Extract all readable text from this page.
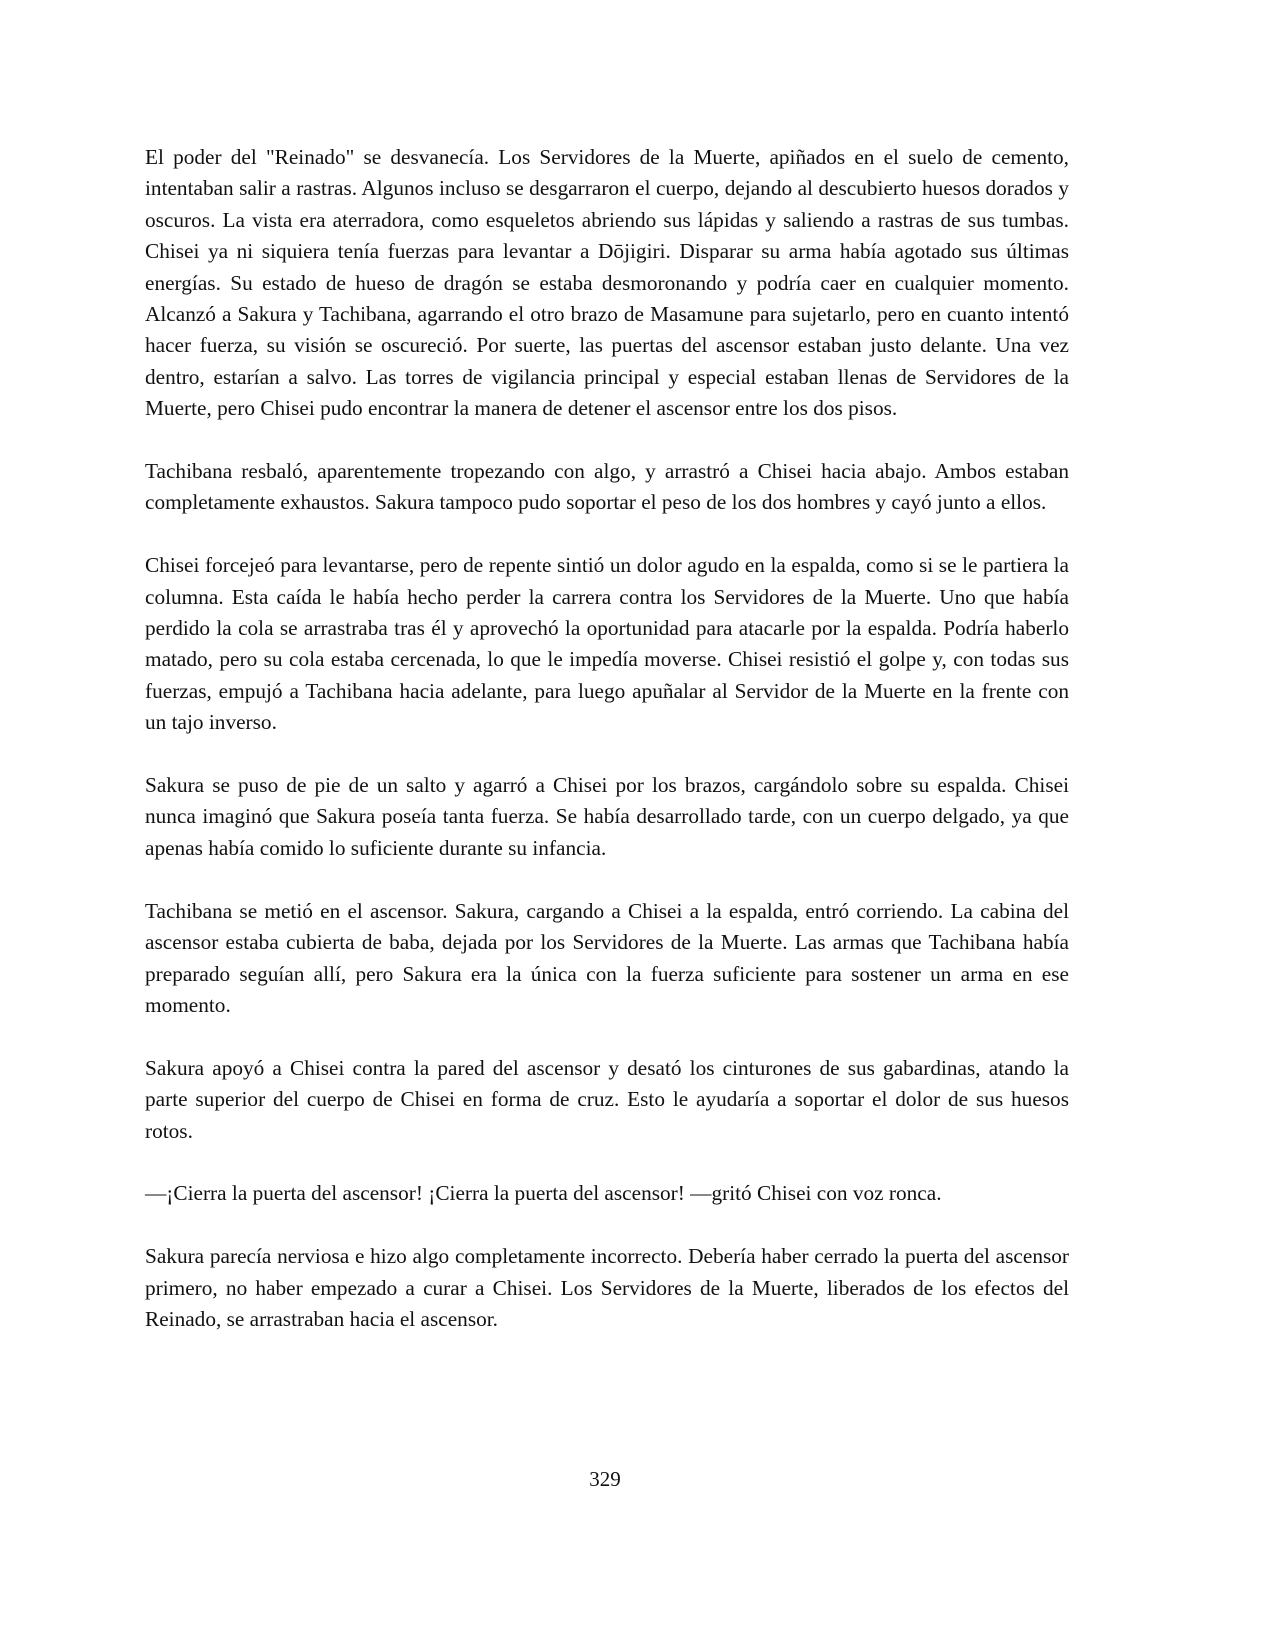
El poder del "Reinado" se desvanecía. Los Servidores de la Muerte, apiñados en el suelo de cemento, intentaban salir a rastras. Algunos incluso se desgarraron el cuerpo, dejando al descubierto huesos dorados y oscuros. La vista era aterradora, como esqueletos abriendo sus lápidas y saliendo a rastras de sus tumbas. Chisei ya ni siquiera tenía fuerzas para levantar a Dōjigiri. Disparar su arma había agotado sus últimas energías. Su estado de hueso de dragón se estaba desmoronando y podría caer en cualquier momento. Alcanzó a Sakura y Tachibana, agarrando el otro brazo de Masamune para sujetarlo, pero en cuanto intentó hacer fuerza, su visión se oscureció. Por suerte, las puertas del ascensor estaban justo delante. Una vez dentro, estarían a salvo. Las torres de vigilancia principal y especial estaban llenas de Servidores de la Muerte, pero Chisei pudo encontrar la manera de detener el ascensor entre los dos pisos.

Tachibana resbaló, aparentemente tropezando con algo, y arrastró a Chisei hacia abajo. Ambos estaban completamente exhaustos. Sakura tampoco pudo soportar el peso de los dos hombres y cayó junto a ellos.

Chisei forcejeó para levantarse, pero de repente sintió un dolor agudo en la espalda, como si se le partiera la columna. Esta caída le había hecho perder la carrera contra los Servidores de la Muerte. Uno que había perdido la cola se arrastraba tras él y aprovechó la oportunidad para atacarle por la espalda. Podría haberlo matado, pero su cola estaba cercenada, lo que le impedía moverse. Chisei resistió el golpe y, con todas sus fuerzas, empujó a Tachibana hacia adelante, para luego apuñalar al Servidor de la Muerte en la frente con un tajo inverso.

Sakura se puso de pie de un salto y agarró a Chisei por los brazos, cargándolo sobre su espalda. Chisei nunca imaginó que Sakura poseía tanta fuerza. Se había desarrollado tarde, con un cuerpo delgado, ya que apenas había comido lo suficiente durante su infancia.

Tachibana se metió en el ascensor. Sakura, cargando a Chisei a la espalda, entró corriendo. La cabina del ascensor estaba cubierta de baba, dejada por los Servidores de la Muerte. Las armas que Tachibana había preparado seguían allí, pero Sakura era la única con la fuerza suficiente para sostener un arma en ese momento.

Sakura apoyó a Chisei contra la pared del ascensor y desató los cinturones de sus gabardinas, atando la parte superior del cuerpo de Chisei en forma de cruz. Esto le ayudaría a soportar el dolor de sus huesos rotos.

—¡Cierra la puerta del ascensor! ¡Cierra la puerta del ascensor! —gritó Chisei con voz ronca.

Sakura parecía nerviosa e hizo algo completamente incorrecto. Debería haber cerrado la puerta del ascensor primero, no haber empezado a curar a Chisei. Los Servidores de la Muerte, liberados de los efectos del Reinado, se arrastraban hacia el ascensor.

329
